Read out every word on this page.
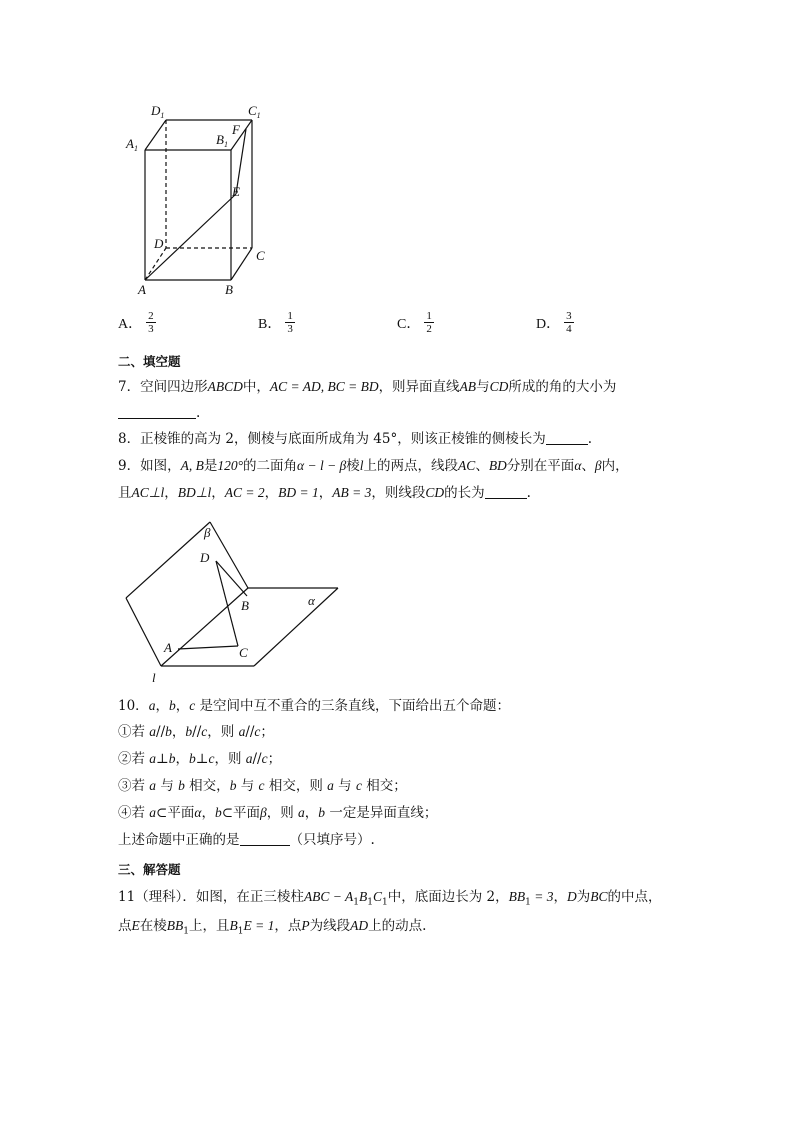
$D_1$	$C_1$
$A_1$
$B_1$
F
E
D
C
A	B
A． $\frac{2}{3}$	B． $\frac{1}{3}$	C． $\frac{1}{2}$	D． $\frac{3}{4}$
二、填空题
7．空间四边形ABCD中，AC = AD, BC = BD，则异面直线AB与CD所成的角的大小为
.
8．正棱锥的高为 2，侧棱与底面所成角为 45°，则该正棱锥的侧棱长为	.
9．如图，A, B是120°的二面角α − l − β棱l上的两点，线段AC、BD分别在平面α、β内，
且AC⊥l，BD⊥l，AC = 2，BD = 1，AB = 3，则线段CD的长为	.
β
D
B	α
A	C
l
10．a，b，c 是空间中互不重合的三条直线，下面给出五个命题：
①若 a//b，b//c，则 a//c；
②若 a⊥b，b⊥c，则 a//c；
③若 a 与 b 相交，b 与 c 相交，则 a 与 c 相交；
④若 a⊂平面α，b⊂平面β，则 a，b 一定是异面直线；
上述命题中正确的是	（只填序号）.
三、解答题
11（理科）．如图，在正三棱柱ABC − $A_1B_1C_1$中，底面边长为 2，$BB_1 = 3$，D为BC的中点，
点E在棱$BB_1$上，且$B_1E = 1$，点P为线段AD上的动点.
